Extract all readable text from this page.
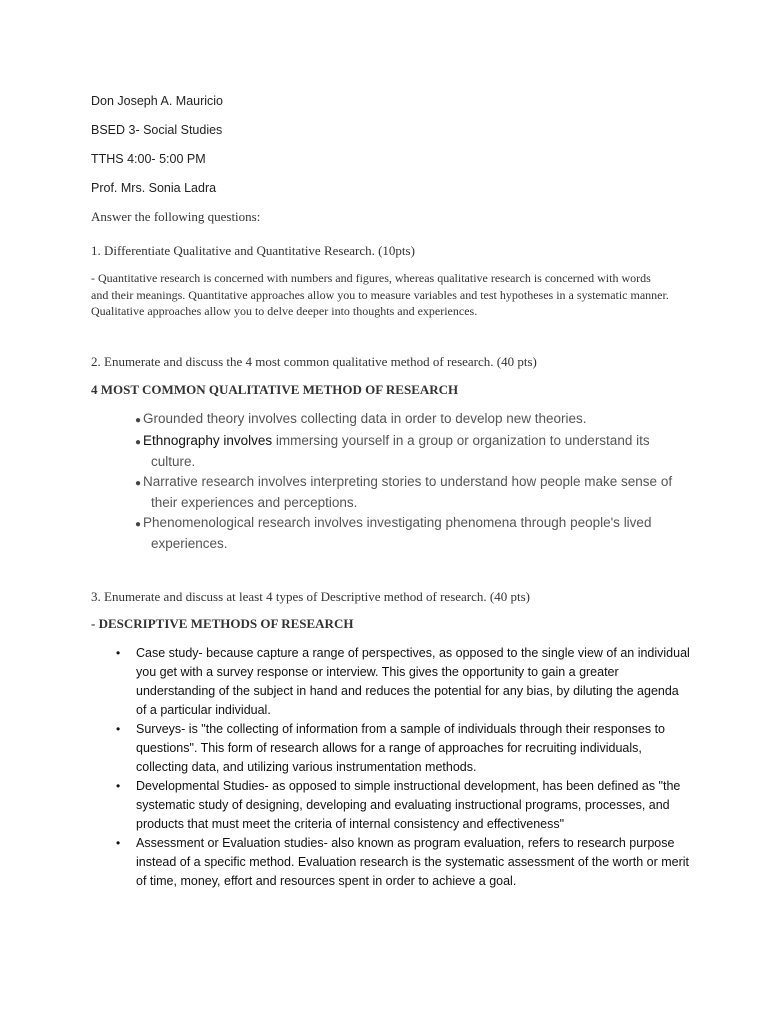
Don Joseph A. Mauricio
BSED 3- Social Studies
TTHS 4:00- 5:00 PM
Prof. Mrs. Sonia Ladra
Answer the following questions:
1. Differentiate Qualitative and Quantitative Research. (10pts)
- Quantitative research is concerned with numbers and figures, whereas qualitative research is concerned with words and their meanings. Quantitative approaches allow you to measure variables and test hypotheses in a systematic manner. Qualitative approaches allow you to delve deeper into thoughts and experiences.
2. Enumerate and discuss the 4 most common qualitative method of research. (40 pts)
4 MOST COMMON QUALITATIVE METHOD OF RESEARCH
● Grounded theory involves collecting data in order to develop new theories.
● Ethnography involves immersing yourself in a group or organization to understand its culture.
● Narrative research involves interpreting stories to understand how people make sense of their experiences and perceptions.
● Phenomenological research involves investigating phenomena through people's lived experiences.
3. Enumerate and discuss at least 4 types of Descriptive method of research. (40 pts)
- DESCRIPTIVE METHODS OF RESEARCH
• Case study- because capture a range of perspectives, as opposed to the single view of an individual you get with a survey response or interview. This gives the opportunity to gain a greater understanding of the subject in hand and reduces the potential for any bias, by diluting the agenda of a particular individual.
• Surveys- is "the collecting of information from a sample of individuals through their responses to questions". This form of research allows for a range of approaches for recruiting individuals, collecting data, and utilizing various instrumentation methods.
• Developmental Studies- as opposed to simple instructional development, has been defined as "the systematic study of designing, developing and evaluating instructional programs, processes, and products that must meet the criteria of internal consistency and effectiveness"
• Assessment or Evaluation studies- also known as program evaluation, refers to research purpose instead of a specific method. Evaluation research is the systematic assessment of the worth or merit of time, money, effort and resources spent in order to achieve a goal.
